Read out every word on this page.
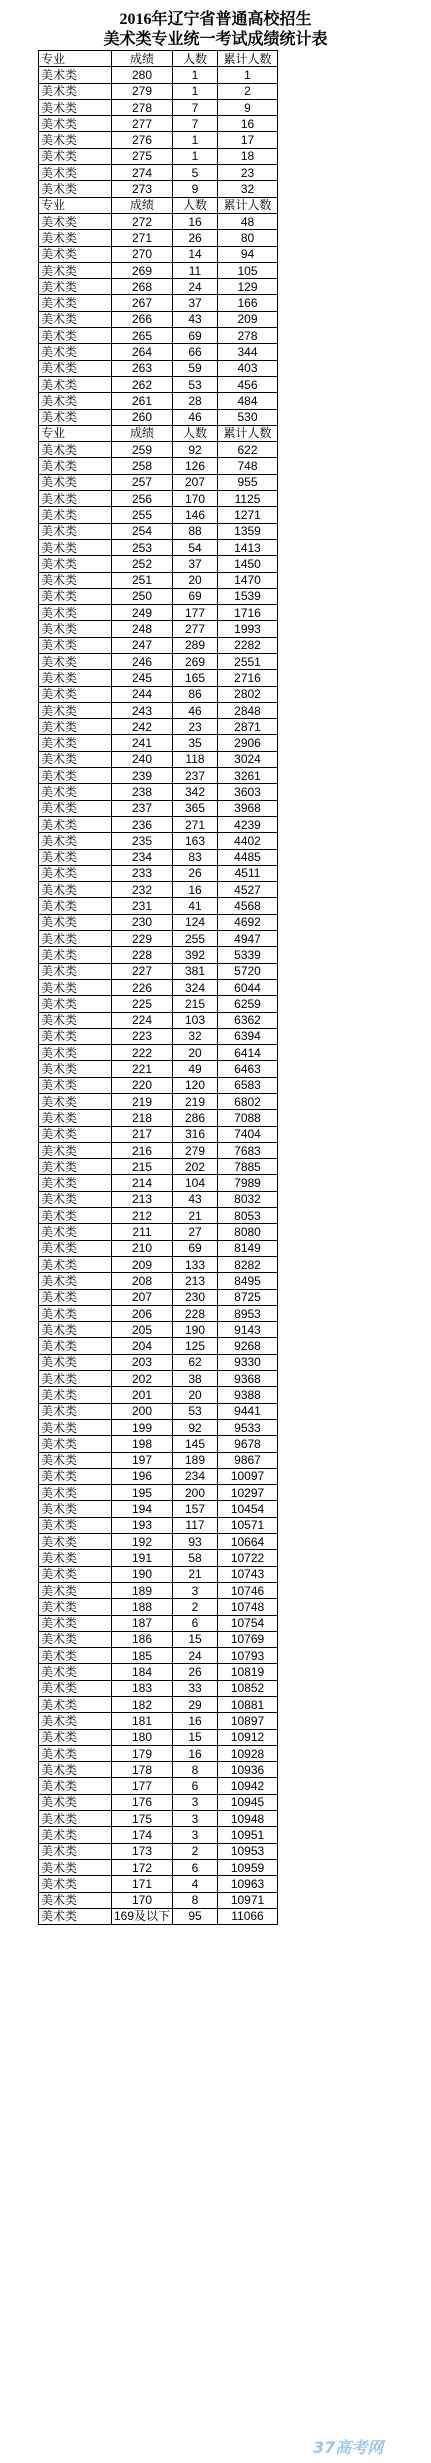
2016年辽宁省普通高校招生
美术类专业统一考试成绩统计表
专业	成绩	人数	累计人数
美术类	280	1	1
美术类	279	1	2
美术类	278	7	9
美术类	277	7	16
美术类	276	1	17
美术类	275	1	18
美术类	274	5	23
美术类	273	9	32
专业	成绩	人数	累计人数
美术类	272	16	48
美术类	271	26	80
美术类	270	14	94
美术类	269	11	105
美术类	268	24	129
美术类	267	37	166
美术类	266	43	209
美术类	265	69	278
美术类	264	66	344
美术类	263	59	403
美术类	262	53	456
美术类	261	28	484
美术类	260	46	530
专业	成绩	人数	累计人数
美术类	259	92	622
美术类	258	126	748
美术类	257	207	955
美术类	256	170	1125
美术类	255	146	1271
美术类	254	88	1359
美术类	253	54	1413
美术类	252	37	1450
美术类	251	20	1470
美术类	250	69	1539
美术类	249	177	1716
美术类	248	277	1993
美术类	247	289	2282
美术类	246	269	2551
美术类	245	165	2716
美术类	244	86	2802
美术类	243	46	2848
美术类	242	23	2871
美术类	241	35	2906
美术类	240	118	3024
美术类	239	237	3261
美术类	238	342	3603
美术类	237	365	3968
美术类	236	271	4239
美术类	235	163	4402
美术类	234	83	4485
美术类	233	26	4511
美术类	232	16	4527
美术类	231	41	4568
美术类	230	124	4692
美术类	229	255	4947
美术类	228	392	5339
美术类	227	381	5720
美术类	226	324	6044
美术类	225	215	6259
美术类	224	103	6362
美术类	223	32	6394
美术类	222	20	6414
美术类	221	49	6463
美术类	220	120	6583
美术类	219	219	6802
美术类	218	286	7088
美术类	217	316	7404
美术类	216	279	7683
美术类	215	202	7885
美术类	214	104	7989
美术类	213	43	8032
美术类	212	21	8053
美术类	211	27	8080
美术类	210	69	8149
美术类	209	133	8282
美术类	208	213	8495
美术类	207	230	8725
美术类	206	228	8953
美术类	205	190	9143
美术类	204	125	9268
美术类	203	62	9330
美术类	202	38	9368
美术类	201	20	9388
美术类	200	53	9441
美术类	199	92	9533
美术类	198	145	9678
美术类	197	189	9867
美术类	196	234	10097
美术类	195	200	10297
美术类	194	157	10454
美术类	193	117	10571
美术类	192	93	10664
美术类	191	58	10722
美术类	190	21	10743
美术类	189	3	10746
美术类	188	2	10748
美术类	187	6	10754
美术类	186	15	10769
美术类	185	24	10793
美术类	184	26	10819
美术类	183	33	10852
美术类	182	29	10881
美术类	181	16	10897
美术类	180	15	10912
美术类	179	16	10928
美术类	178	8	10936
美术类	177	6	10942
美术类	176	3	10945
美术类	175	3	10948
美术类	174	3	10951
美术类	173	2	10953
美术类	172	6	10959
美术类	171	4	10963
美术类	170	8	10971
美术类	169及以下	95	11066
37高考网
